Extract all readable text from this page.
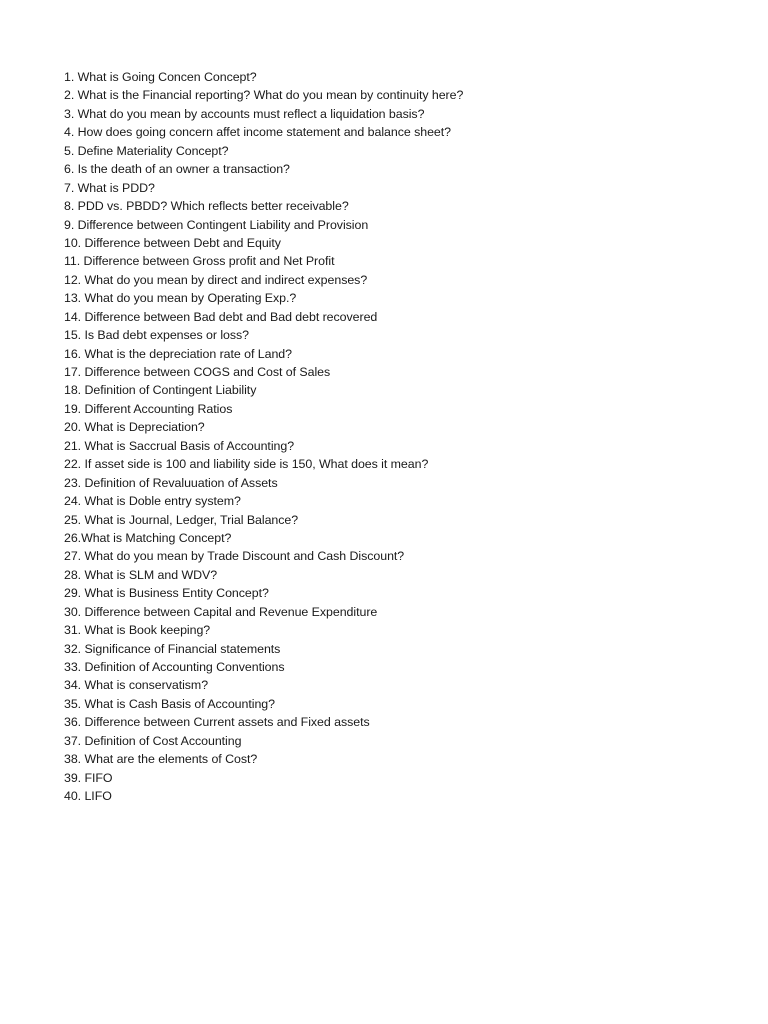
1. What is Going Concen Concept?
2. What is the Financial reporting? What do you mean by continuity here?
3. What do you mean by accounts must reflect a liquidation basis?
4. How does going concern affet income statement and balance sheet?
5. Define Materiality Concept?
6. Is the death of an owner a transaction?
7. What is PDD?
8. PDD vs. PBDD? Which reflects better receivable?
9. Difference between Contingent Liability and Provision
10. Difference between Debt and Equity
11. Difference between Gross profit and Net Profit
12. What do you mean by direct and indirect expenses?
13. What do you mean by Operating Exp.?
14. Difference between Bad debt and Bad debt recovered
15. Is Bad debt expenses or loss?
16. What is the depreciation rate of Land?
17. Difference between COGS and Cost of Sales
18. Definition of Contingent Liability
19. Different Accounting Ratios
20. What is Depreciation?
21. What is Saccrual Basis of Accounting?
22. If asset side is 100 and liability side is 150, What does it mean?
23. Definition of Revaluuation of Assets
24. What is Doble entry system?
25. What is Journal, Ledger, Trial Balance?
26.What is Matching Concept?
27. What do you mean by Trade Discount and Cash Discount?
28. What is SLM and WDV?
29. What is Business Entity Concept?
30. Difference between Capital and Revenue Expenditure
31. What is Book keeping?
32. Significance of Financial statements
33. Definition of Accounting Conventions
34. What is conservatism?
35. What is Cash Basis of Accounting?
36. Difference between Current assets and Fixed assets
37. Definition of Cost Accounting
38. What are the elements of Cost?
39. FIFO
40. LIFO
